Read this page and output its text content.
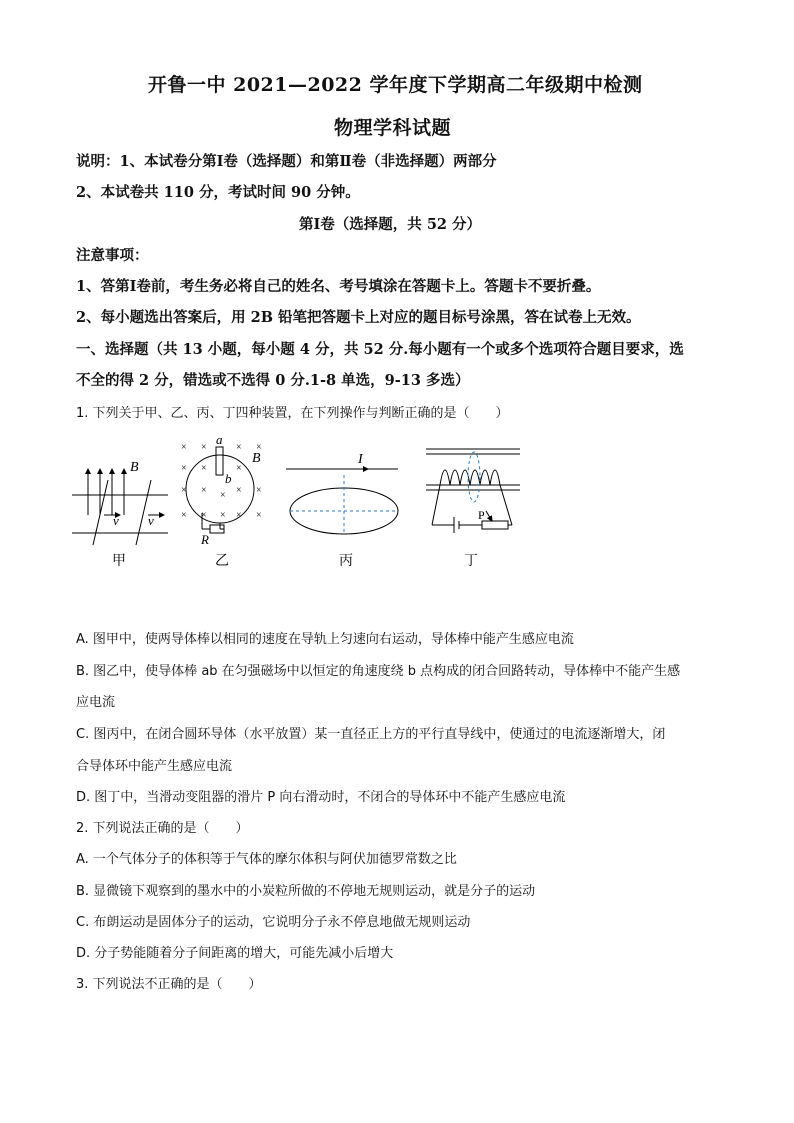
开鲁一中 2021—2022 学年度下学期高二年级期中检测
物理学科试题
说明：1、本试卷分第Ⅰ卷（选择题）和第Ⅱ卷（非选择题）两部分
2、本试卷共 110 分，考试时间 90 分钟。
第Ⅰ卷（选择题，共 52 分）
注意事项：
1、答第Ⅰ卷前，考生务必将自己的姓名、考号填涂在答题卡上。答题卡不要折叠。
2、每小题选出答案后，用 2B 铅笔把答题卡上对应的题目标号涂黑，答在试卷上无效。
一、选择题（共 13 小题，每小题 4 分，共 52 分.每小题有一个或多个选项符合题目要求，选
不全的得 2 分，错选或不选得 0 分.1-8 单选，9-13 多选）
1. 下列关于甲、乙、丙、丁四种装置，在下列操作与判断正确的是（　　）
B
v v
甲
× ×	× ×
× ×	×
× ×	× ×
× × × × ×
×
a
b
B
R
乙
I
丙
P
丁
A. 图甲中，使两导体棒以相同的速度在导轨上匀速向右运动，导体棒中能产生感应电流
B. 图乙中，使导体棒 ab 在匀强磁场中以恒定的角速度绕 b 点构成的闭合回路转动，导体棒中不能产生感
应电流
C. 图丙中，在闭合圆环导体（水平放置）某一直径正上方的平行直导线中，使通过的电流逐渐增大，闭
合导体环中能产生感应电流
D. 图丁中，当滑动变阻器的滑片 P 向右滑动时，不闭合的导体环中不能产生感应电流
2. 下列说法正确的是（　　）
A. 一个气体分子的体积等于气体的摩尔体积与阿伏加德罗常数之比
B. 显微镜下观察到的墨水中的小炭粒所做的不停地无规则运动，就是分子的运动
C. 布朗运动是固体分子的运动，它说明分子永不停息地做无规则运动
D. 分子势能随着分子间距离的增大，可能先减小后增大
3. 下列说法不正确的是（　　）
